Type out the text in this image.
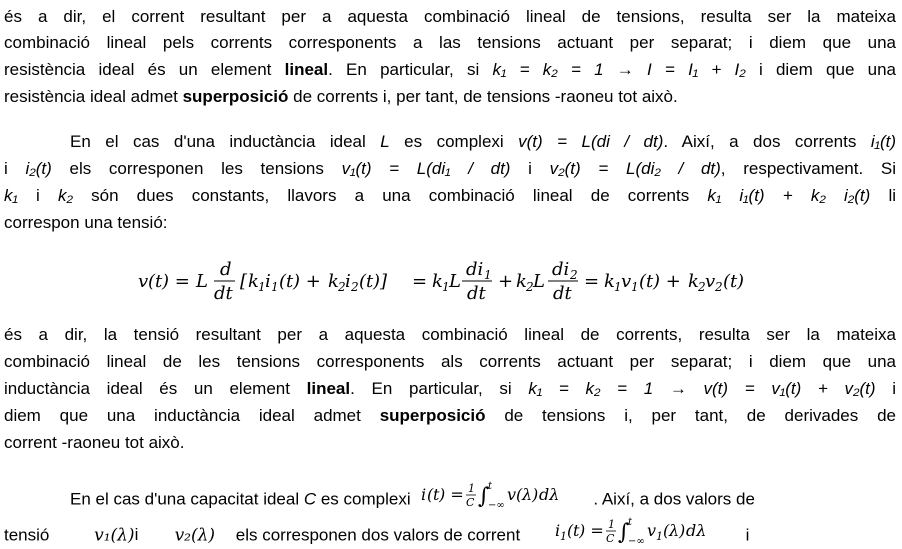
és a dir, el corrent resultant per a aquesta combinació lineal de tensions, resulta ser la mateixa
combinació lineal pels corrents corresponents a las tensions actuant per separat; i diem que una
resistència ideal és un element lineal. En particular, si k₁ = k₂ = 1 → I = I₁ + I₂ i diem que una
resistència ideal admet superposició de corrents i, per tant, de tensions -raoneu tot això.
En el cas d'una inductància ideal L es complexi v(t) = L(di / dt). Així, a dos corrents i₁(t)
i i₂(t) els corresponen les tensions v₁(t) = L(di₁ / dt) i v₂(t) = L(di₂ / dt), respectivament. Si
k₁ i k₂ són dues constants, llavors a una combinació lineal de corrents k₁ i₁(t) + k₂ i₂(t) li
correspon una tensió:
v ( t ) = L
d
dt
[ k 1 i 1 ( t ) + k 2 i 2 ( t )] = k 1 L
di 1
dt
+ k 2 L
di 2
dt
= k 1 v 1 ( t ) + k 2 v 2 ( t )
és a dir, la tensió resultant per a aquesta combinació lineal de corrents, resulta ser la mateixa
combinació lineal de les tensions corresponents als corrents actuant per separat; i diem que una
inductància ideal és un element lineal. En particular, si k₁ = k₂ = 1 → v(t) = v₁(t) + v₂(t) i
diem que una inductància ideal admet superposició de tensions i, per tant, de derivades de
corrent -raoneu tot això.
En el cas d'una capacitat ideal C es complexi i ( t ) = 1
C ∫
t
−∞
v ( λ ) dλ . Així, a dos valors de
tensió v₁(λ)iv₂(λ) els corresponen dos valors de corrent i 1 ( t ) = 1
C ∫
t
−∞
v 1 ( λ ) dλ i
